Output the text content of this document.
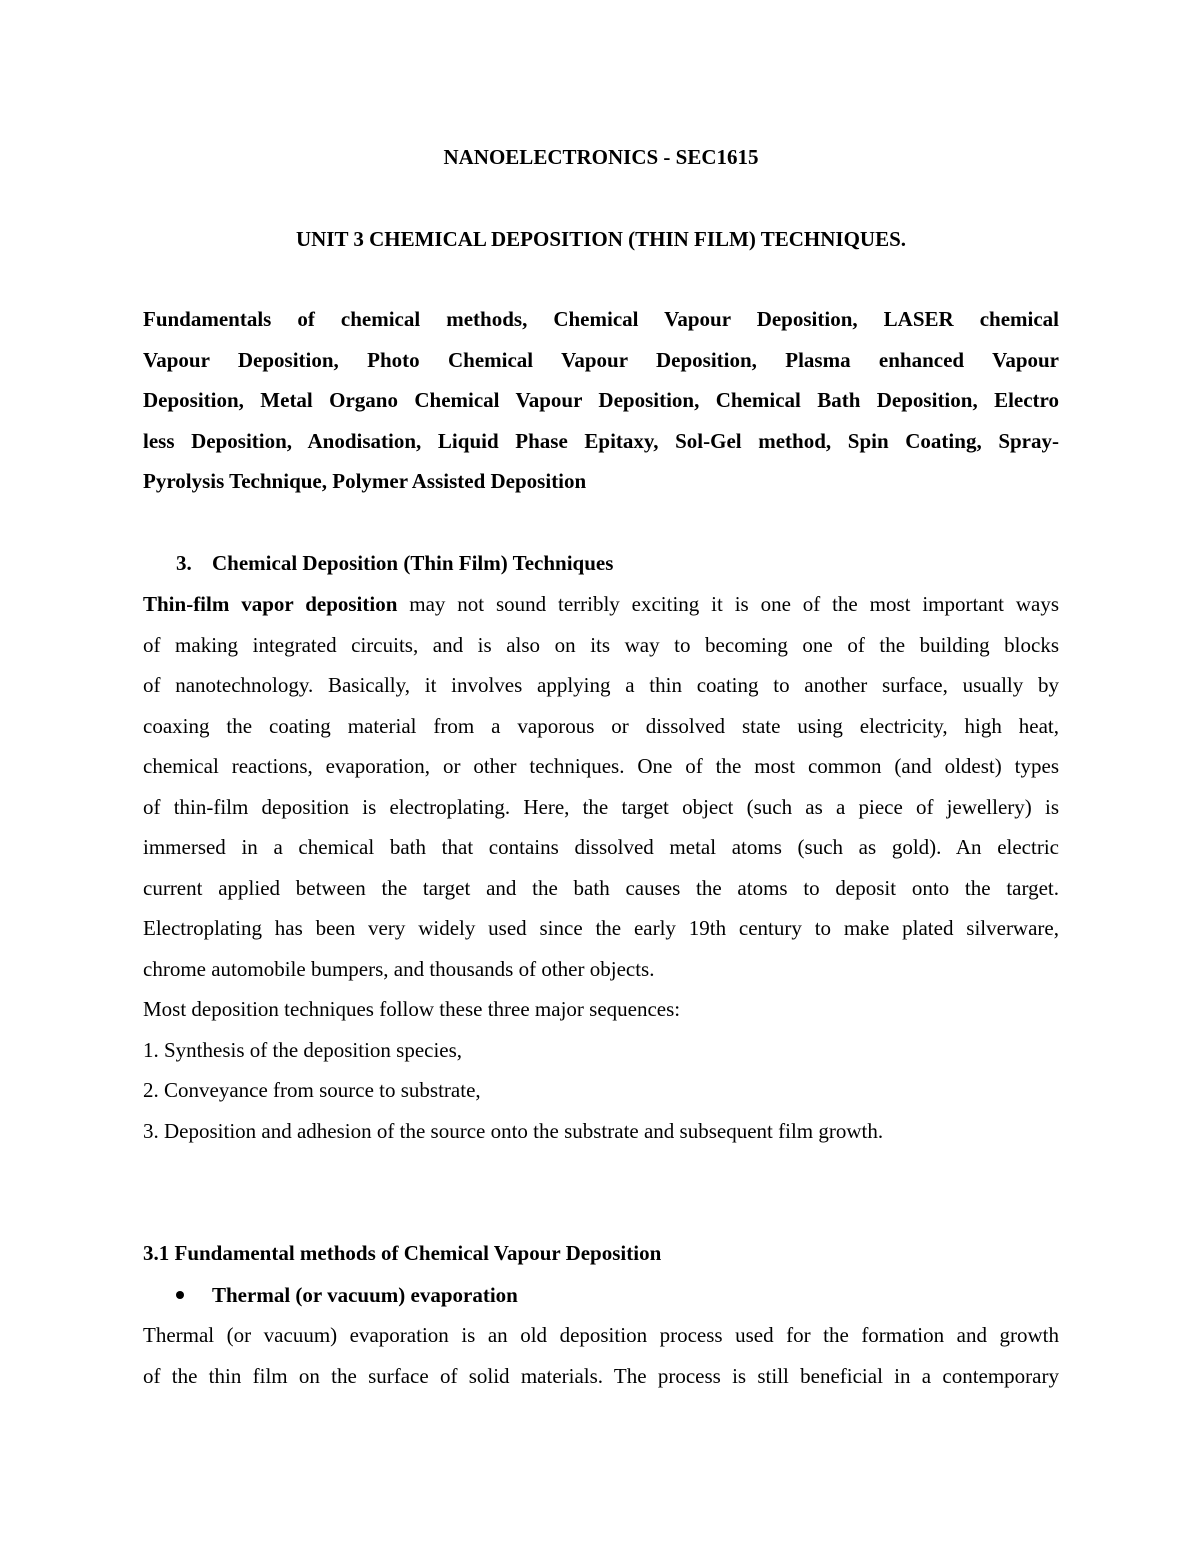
NANOELECTRONICS - SEC1615
UNIT 3 CHEMICAL DEPOSITION (THIN FILM) TECHNIQUES.
Fundamentals of chemical methods, Chemical Vapour Deposition, LASER chemical
Vapour Deposition, Photo Chemical Vapour Deposition, Plasma enhanced Vapour
Deposition, Metal Organo Chemical Vapour Deposition, Chemical Bath Deposition, Electro
less Deposition, Anodisation, Liquid Phase Epitaxy, Sol-Gel method, Spin Coating, Spray-
Pyrolysis Technique, Polymer Assisted Deposition
3. Chemical Deposition (Thin Film) Techniques
Thin-film vapor deposition may not sound terribly exciting it is one of the most important ways
of making integrated circuits, and is also on its way to becoming one of the building blocks
of nanotechnology. Basically, it involves applying a thin coating to another surface, usually by
coaxing the coating material from a vaporous or dissolved state using electricity, high heat,
chemical reactions, evaporation, or other techniques. One of the most common (and oldest) types
of thin-film deposition is electroplating. Here, the target object (such as a piece of jewellery) is
immersed in a chemical bath that contains dissolved metal atoms (such as gold). An electric
current applied between the target and the bath causes the atoms to deposit onto the target.
Electroplating has been very widely used since the early 19th century to make plated silverware,
chrome automobile bumpers, and thousands of other objects.
Most deposition techniques follow these three major sequences:
1. Synthesis of the deposition species,
2. Conveyance from source to substrate,
3. Deposition and adhesion of the source onto the substrate and subsequent film growth.
3.1 Fundamental methods of Chemical Vapour Deposition
Thermal (or vacuum) evaporation
Thermal (or vacuum) evaporation is an old deposition process used for the formation and growth
of the thin film on the surface of solid materials. The process is still beneficial in a contemporary
